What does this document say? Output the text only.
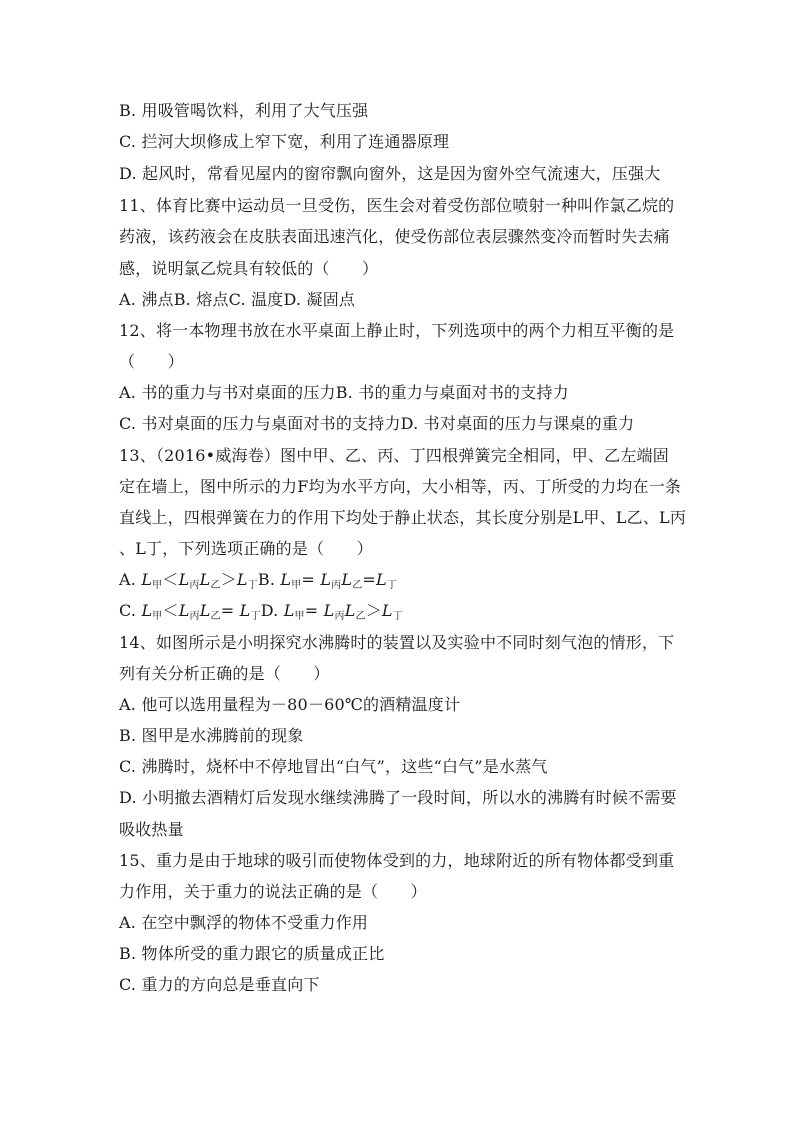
B. 用吸管喝饮料，利用了大气压强
C. 拦河大坝修成上窄下宽，利用了连通器原理
D. 起风时，常看见屋内的窗帘飘向窗外，这是因为窗外空气流速大，压强大
11、体育比赛中运动员一旦受伤，医生会对着受伤部位喷射一种叫作氯乙烷的
药液，该药液会在皮肤表面迅速汽化，使受伤部位表层骤然变冷而暂时失去痛
感，说明氯乙烷具有较低的（　　）
A. 沸点B. 熔点C. 温度D. 凝固点
12、将一本物理书放在水平桌面上静止时，下列选项中的两个力相互平衡的是
（　　）
A. 书的重力与书对桌面的压力B. 书的重力与桌面对书的支持力
C. 书对桌面的压力与桌面对书的支持力D. 书对桌面的压力与课桌的重力
13、（2016•威海卷）图中甲、乙、丙、丁四根弹簧完全相同，甲、乙左端固
定在墙上，图中所示的力F均为水平方向，大小相等，丙、丁所受的力均在一条
直线上，四根弹簧在力的作用下均处于静止状态，其长度分别是L甲、L乙、L丙
、L丁，下列选项正确的是（　　）
A. $L_甲<L_丙L_乙>L_丁B$. $L_甲= L_丙L_乙=L_丁$
C. $L_甲<L_丙L_乙= L_丁D$. $L_甲= L_丙L_乙>L_丁$
14、如图所示是小明探究水沸腾时的装置以及实验中不同时刻气泡的情形，下
列有关分析正确的是（　　）
A. 他可以选用量程为－80－60℃的酒精温度计
B. 图甲是水沸腾前的现象
C. 沸腾时，烧杯中不停地冒出“白气”，这些“白气”是水蒸气
D. 小明撤去酒精灯后发现水继续沸腾了一段时间，所以水的沸腾有时候不需要
吸收热量
15、重力是由于地球的吸引而使物体受到的力，地球附近的所有物体都受到重
力作用，关于重力的说法正确的是（　　）
A. 在空中飘浮的物体不受重力作用
B. 物体所受的重力跟它的质量成正比
C. 重力的方向总是垂直向下
